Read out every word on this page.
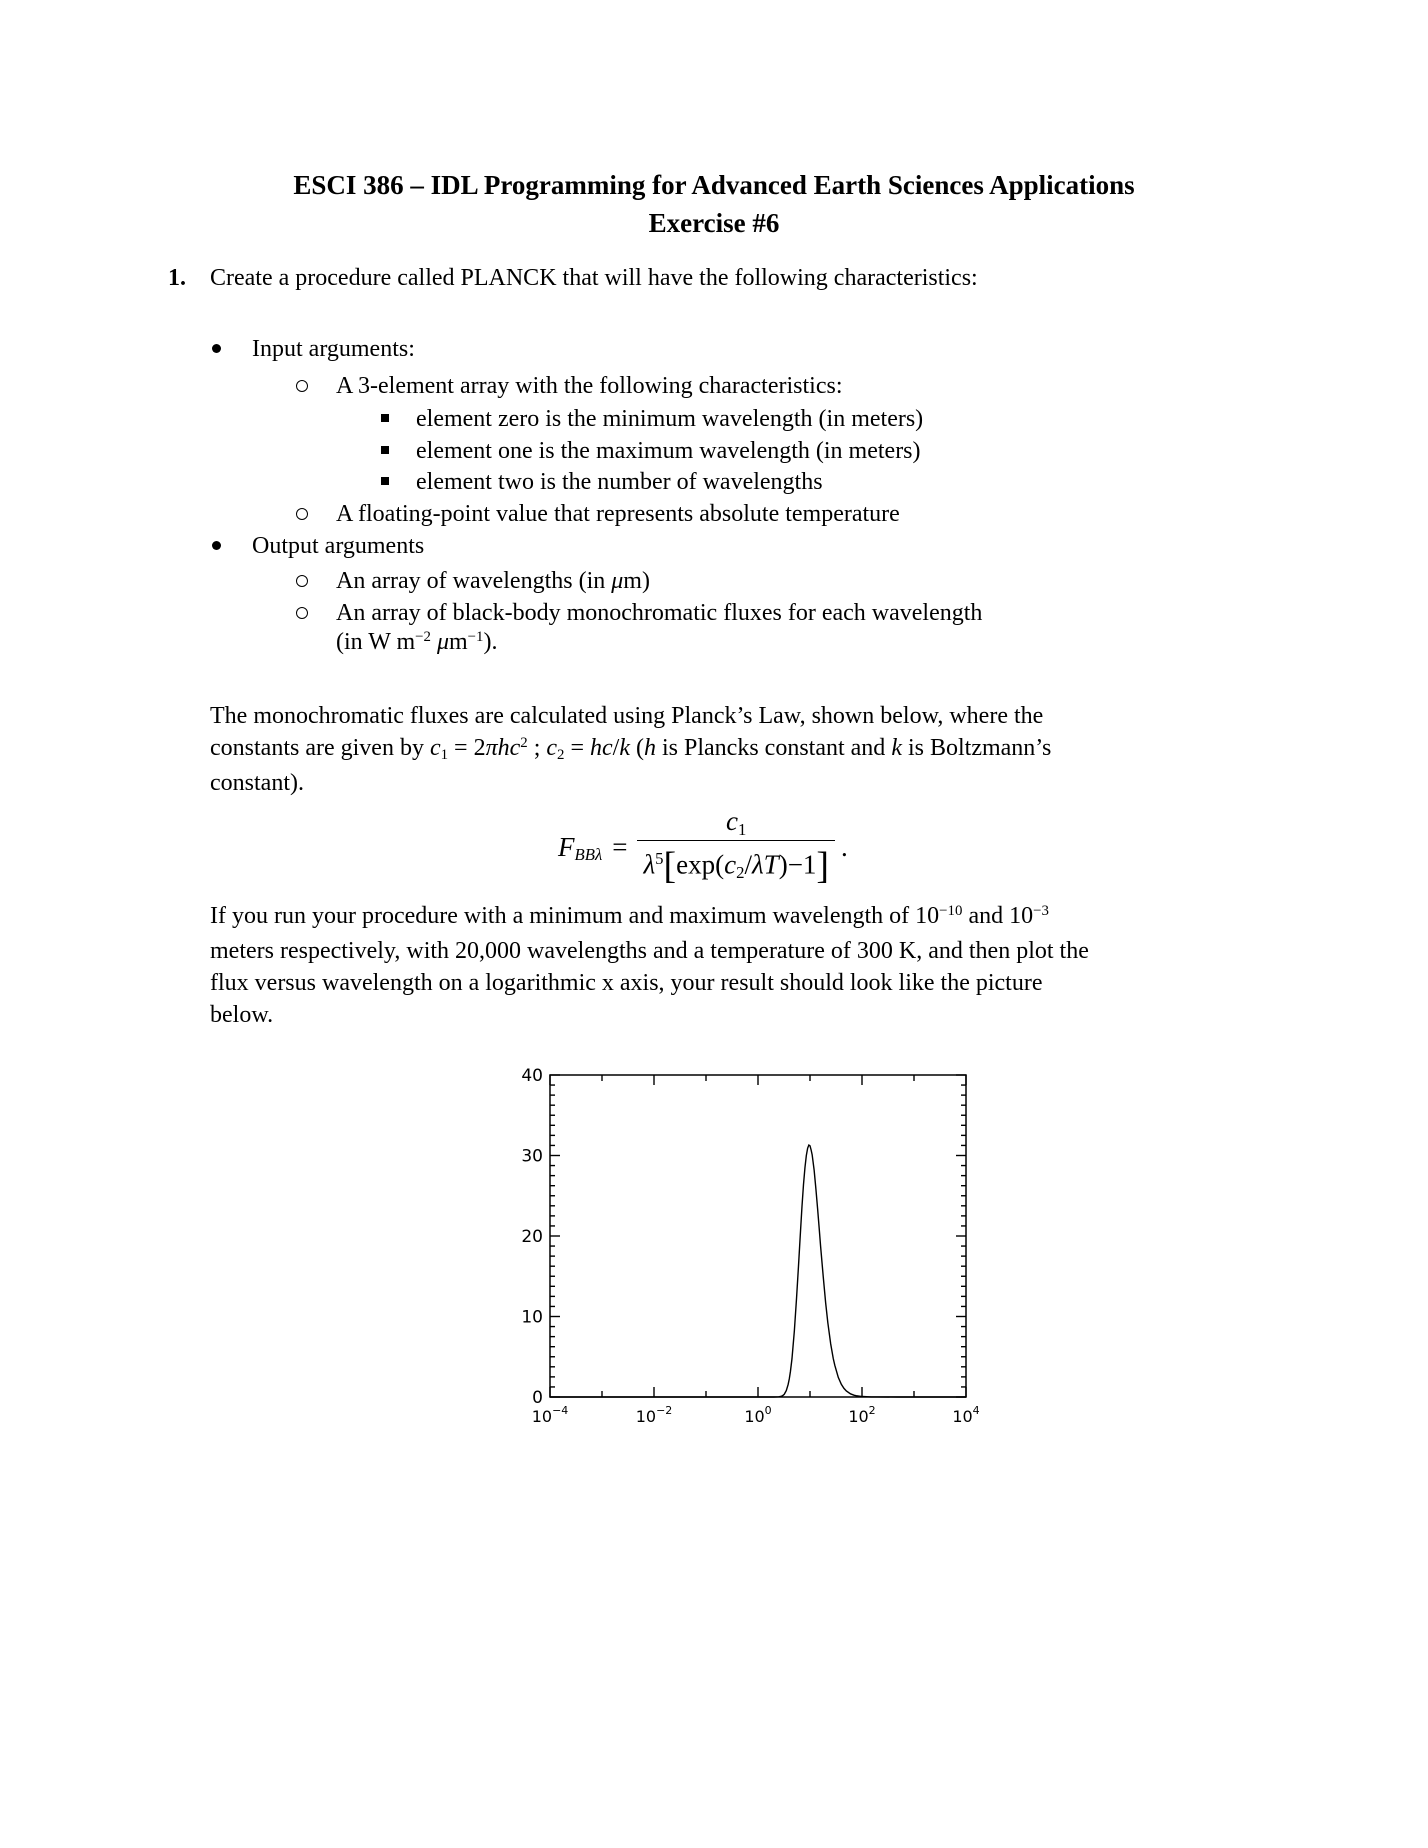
ESCI 386 – IDL Programming for Advanced Earth Sciences Applications
Exercise #6
1. Create a procedure called PLANCK that will have the following characteristics:
Input arguments:
A 3-element array with the following characteristics:
element zero is the minimum wavelength (in meters)
element one is the maximum wavelength (in meters)
element two is the number of wavelengths
A floating-point value that represents absolute temperature
Output arguments
An array of wavelengths (in μm)
An array of black-body monochromatic fluxes for each wavelength
(in W $m^{-2}$ $\mu m^{-1}$).
The monochromatic fluxes are calculated using Planck’s Law, shown below, where the
constants are given by c1 = 2πhc$^2$ ; c2 = hc/k (h is Plancks constant and k is Boltzmann’s
constant).
$FBB\lambda = \frac{c1}{\lambda^5[\exp(c2/\lambda T)-1]}$ .
If you run your procedure with a minimum and maximum wavelength of $10^{-10}$ and $10^{-3}$
meters respectively, with 20,000 wavelengths and a temperature of 300 K, and then plot the
flux versus wavelength on a logarithmic x axis, your result should look like the picture
below.
0
10
20
30
40
$10^{-4}$	$10^{-2}$	$10^0$	$10^2$	$10^4$
